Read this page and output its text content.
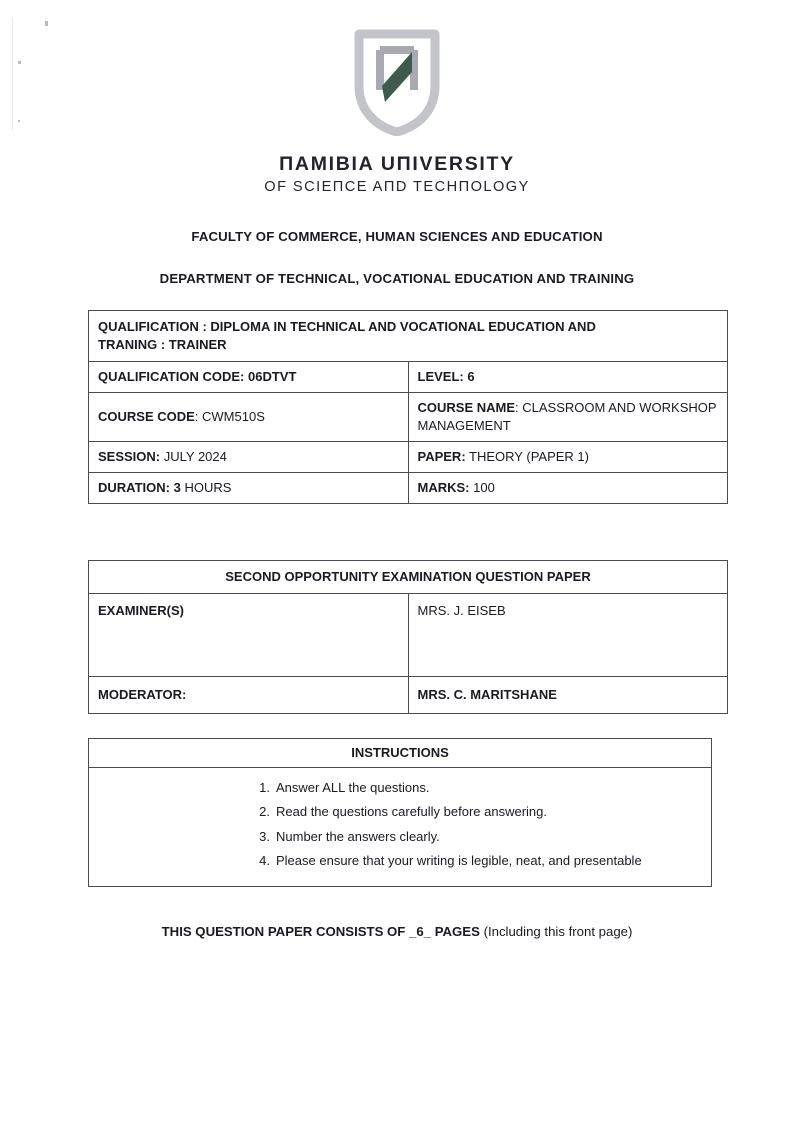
ΠAMIBIA UΠIVERSITY
OF SCIEΠCE AΠD TECHΠOLOGY
FACULTY OF COMMERCE, HUMAN SCIENCES AND EDUCATION
DEPARTMENT OF TECHNICAL, VOCATIONAL EDUCATION AND TRAINING
QUALIFICATION : DIPLOMA IN TECHNICAL AND VOCATIONAL EDUCATION AND
TRANING : TRAINER	
QUALIFICATION CODE: 06DTVT	LEVEL: 6
COURSE CODE: CWM510S	COURSE NAME: CLASSROOM AND WORKSHOP MANAGEMENT
SESSION: JULY 2024	PAPER: THEORY (PAPER 1)
DURATION: 3 HOURS	MARKS: 100
SECOND OPPORTUNITY EXAMINATION QUESTION PAPER	
EXAMINER(S)	MRS. J. EISEB
MODERATOR:	MRS. C. MARITSHANE
INSTRUCTIONS

1. Answer ALL the questions.
2. Read the questions carefully before answering.
3. Number the answers clearly.
4. Please ensure that your writing is legible, neat, and presentable
THIS QUESTION PAPER CONSISTS OF _6_ PAGES (Including this front page)
